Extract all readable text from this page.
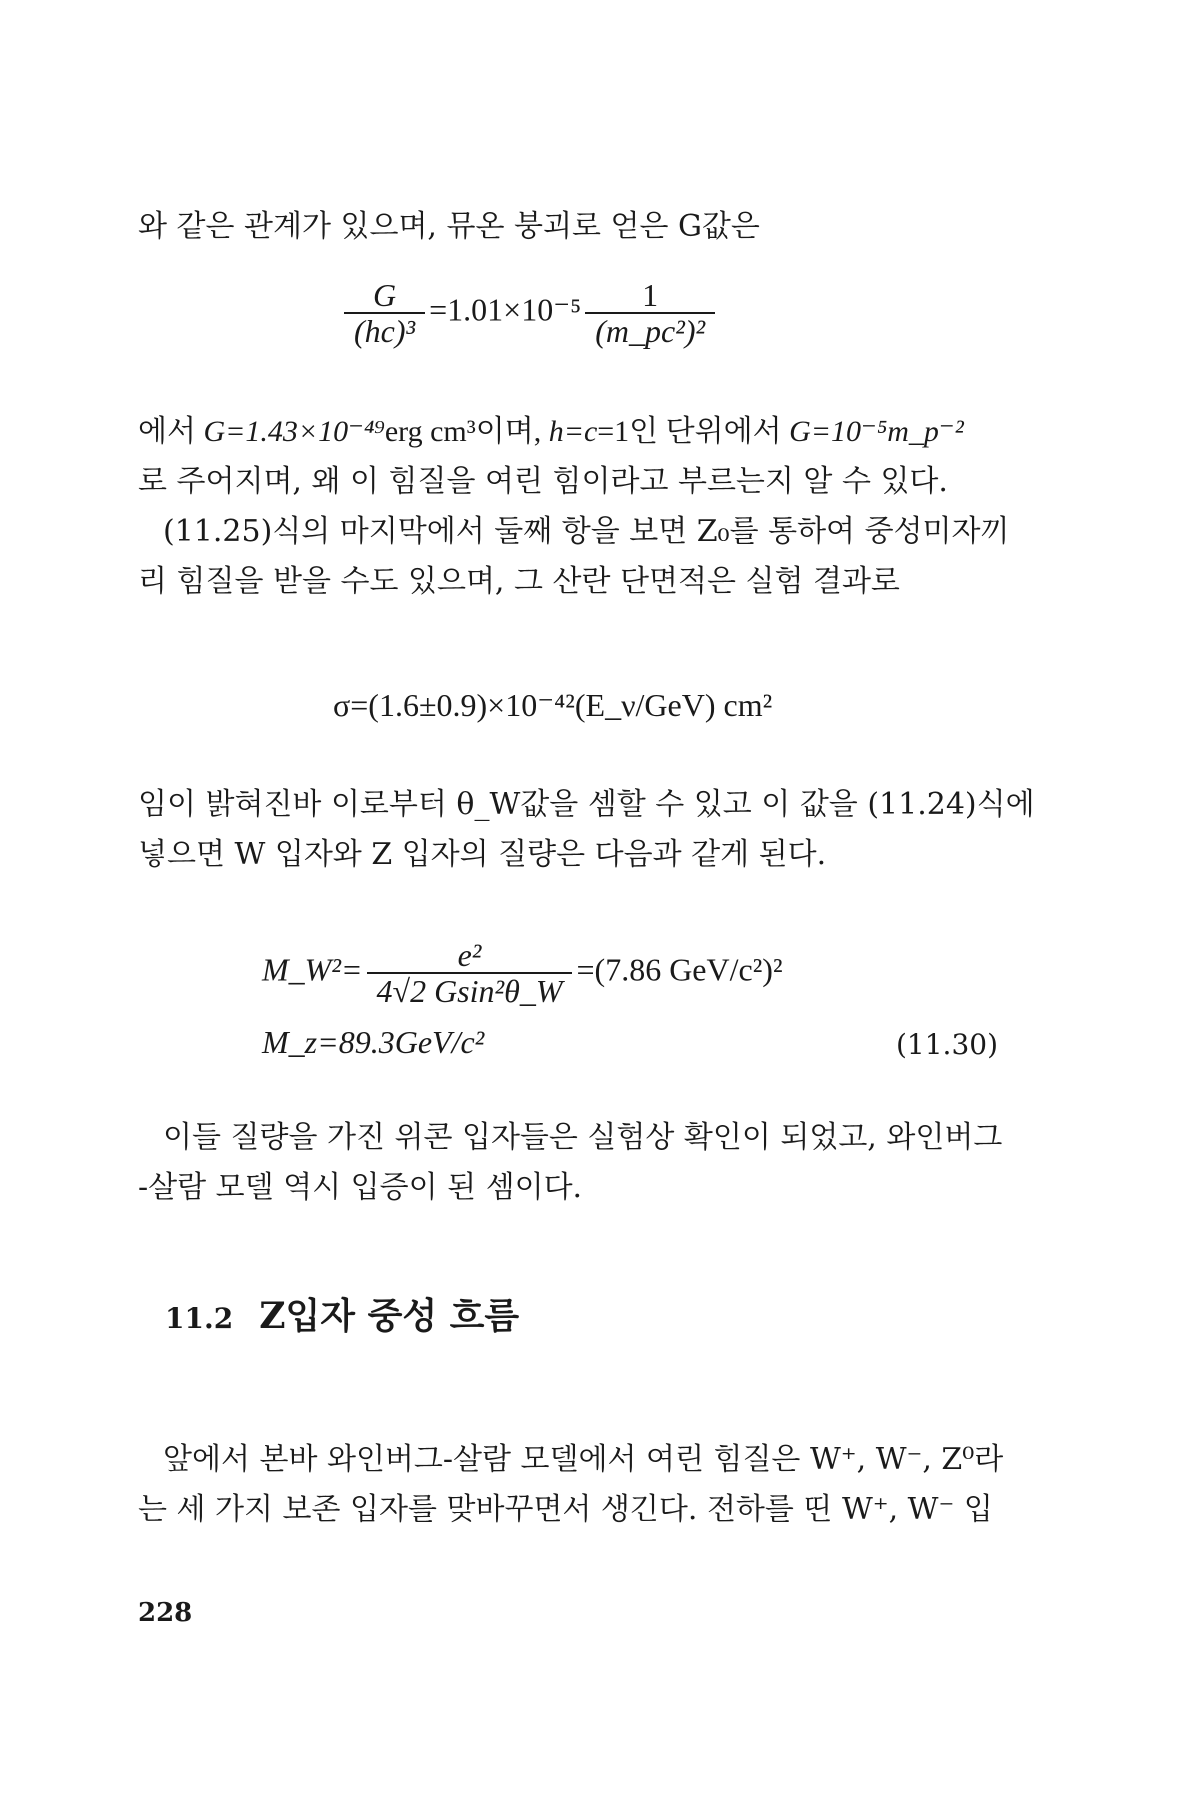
와 같은 관계가 있으며, 뮤온 붕괴로 얻은 G값은
$\frac{G}{\text{(hc)³}} =1.01\times 10^{-5} \frac{1}{\text{(m\_pc²)²}}$
에서 G=1.43×10⁻⁴⁹erg cm³이며, h=c=1인 단위에서 G=10⁻⁵m_p⁻²
로 주어지며, 왜 이 힘질을 여린 힘이라고 부르는지 알 수 있다.
(11.25)식의 마지막에서 둘째 항을 보면 Z₀를 통하여 중성미자끼
리 힘질을 받을 수도 있으며, 그 산란 단면적은 실험 결과로
σ=(1.6±0.9)×10⁻⁴²(E_ν/GeV) cm²
임이 밝혀진바 이로부터 θ_W값을 셈할 수 있고 이 값을 (11.24)식에
넣으면 W 입자와 Z 입자의 질량은 다음과 같게 된다.
M_W²= $\frac{\text{e²}}{\text{4√2 Gsin²θ\_W}} =(7.86$ GeV/c²)²
M_z=89.3GeV/c²	(11.30)
이들 질량을 가진 위콘 입자들은 실험상 확인이 되었고, 와인버그
-살람 모델 역시 입증이 된 셈이다.
11.2 Z입자 중성 흐름
앞에서 본바 와인버그-살람 모델에서 여린 힘질은 W⁺, W⁻, Z⁰라
는 세 가지 보존 입자를 맞바꾸면서 생긴다. 전하를 띤 W⁺, W⁻ 입
228
